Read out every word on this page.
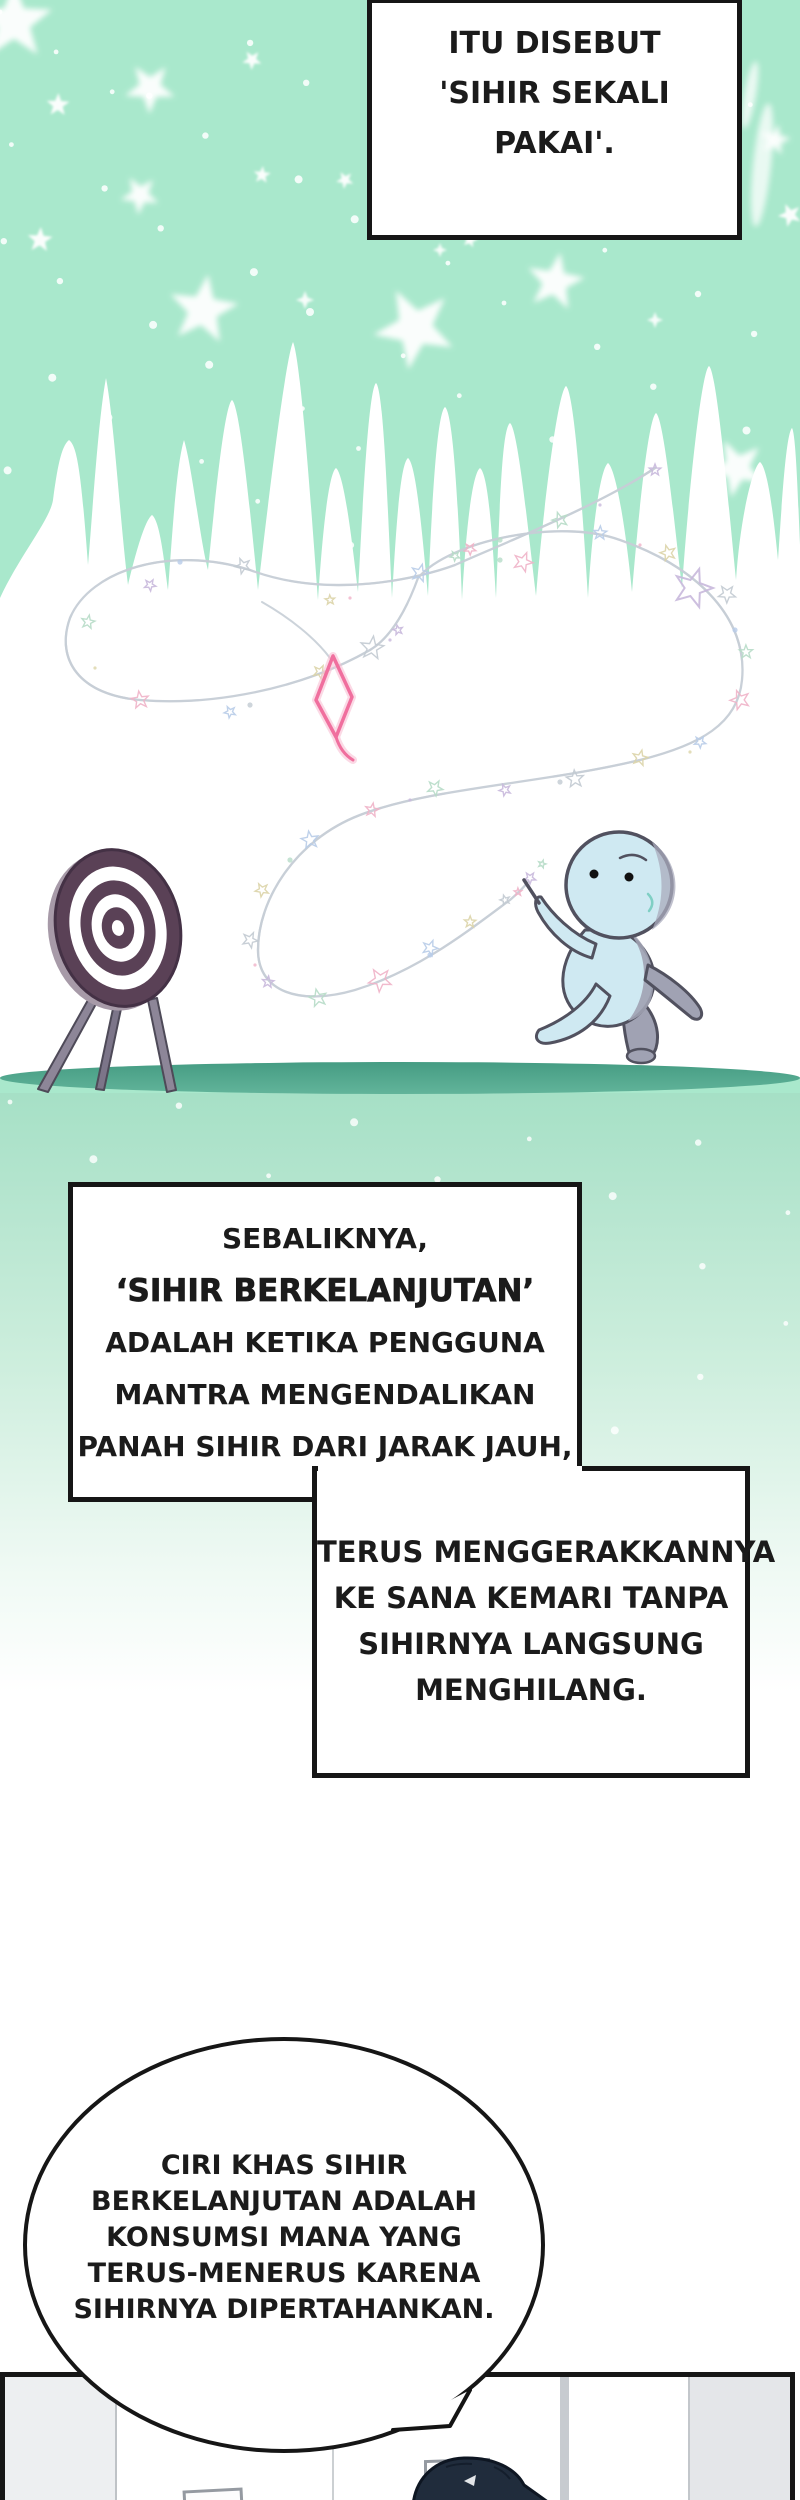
ITU DISEBUT
'SIHIR SEKALI
PAKAI'.
SEBALIKNYA,
‘SIHIR BERKELANJUTAN’
ADALAH KETIKA PENGGUNA
MANTRA MENGENDALIKAN
PANAH SIHIR DARI JARAK JAUH,
TERUS MENGGERAKKANNYA
KE SANA KEMARI TANPA
SIHIRNYA LANGSUNG
MENGHILANG.
CIRI KHAS SIHIR
BERKELANJUTAN ADALAH
KONSUMSI MANA YANG
TERUS-MENERUS KARENA
SIHIRNYA DIPERTAHANKAN.
